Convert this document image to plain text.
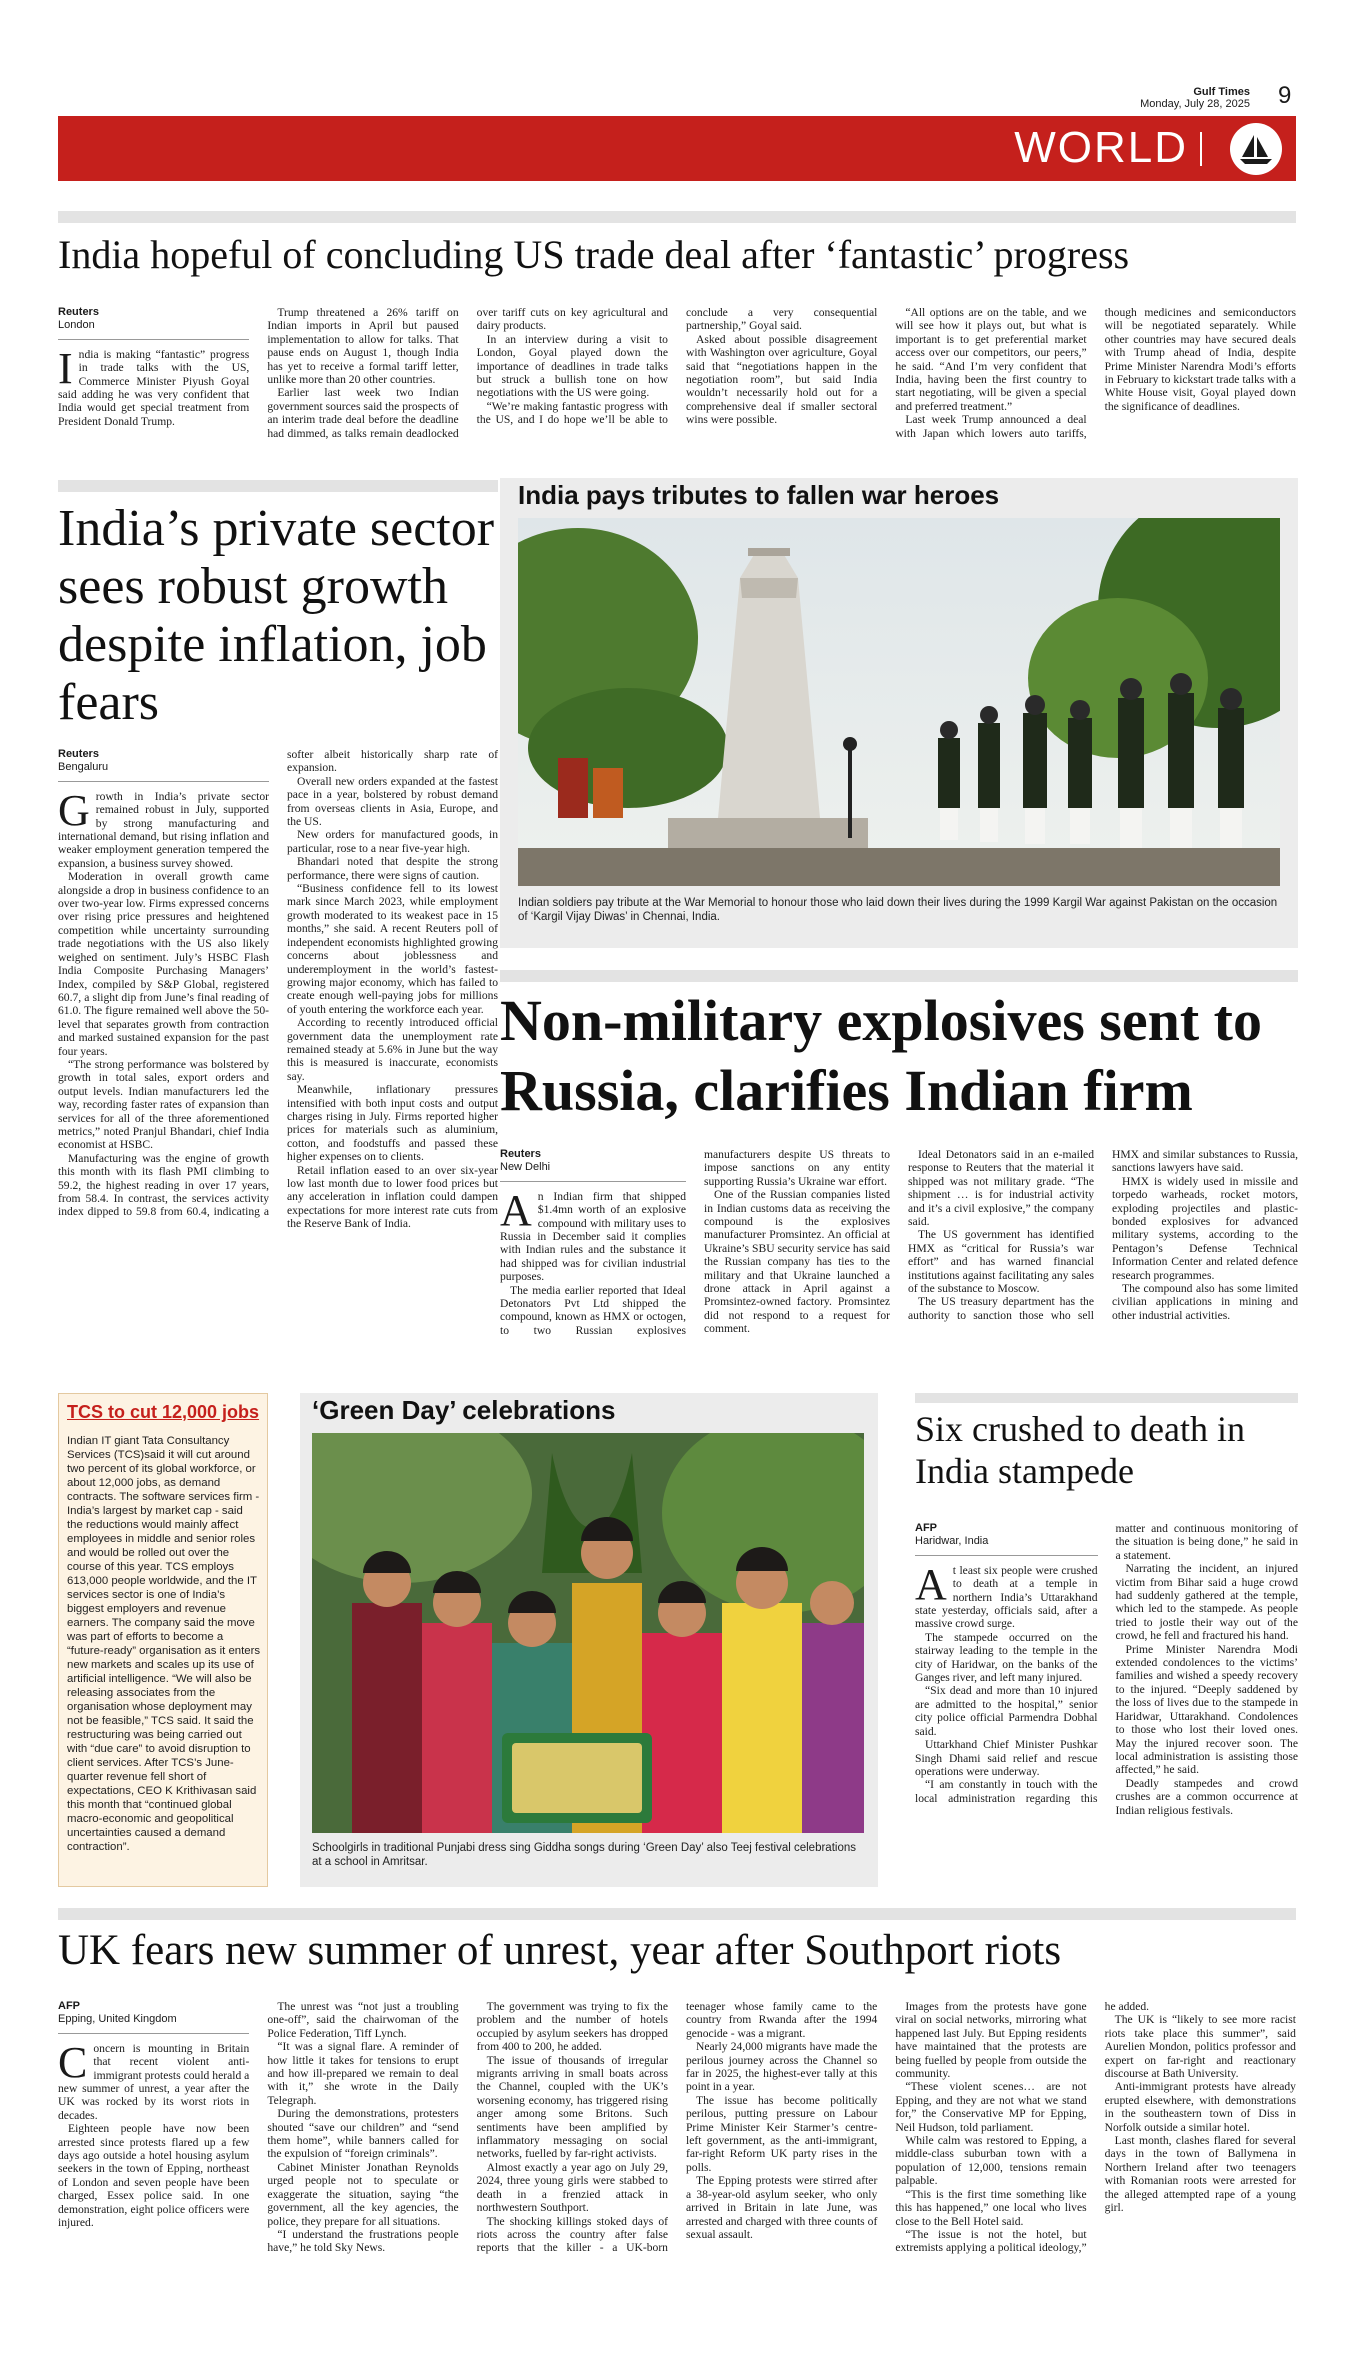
Gulf Times
Monday, July 28, 2025 9
WORLD
India hopeful of concluding US trade deal after ‘fantastic’ progress
Reuters
London

India is making “fantastic” progress in trade talks with the US, Commerce Minister Piyush Goyal said adding he was very confident that India would get special treatment from President Donald Trump.

Trump threatened a 26% tariff on Indian imports in April but paused implementation to allow for talks. That pause ends on August 1, though India has yet to receive a formal tariff letter, unlike more than 20 other countries.

Earlier last week two Indian government sources said the prospects of an interim trade deal before the deadline had dimmed, as talks remain deadlocked over tariff cuts on key agricultural and dairy products.

In an interview during a visit to London, Goyal played down the importance of deadlines in trade talks but struck a bullish tone on how negotiations with the US were going.

“We’re making fantastic progress with the US, and I do hope we’ll be able to conclude a very consequential partnership,” Goyal said.

Asked about possible disagreement with Washington over agriculture, Goyal said that “negotiations happen in the negotiation room”, but said India wouldn’t necessarily hold out for a comprehensive deal if smaller sectoral wins were possible.

“All options are on the table, and we will see how it plays out, but what is important is to get preferential market access over our competitors, our peers,” he said. “And I’m very confident that India, having been the first country to start negotiating, will be given a special and preferred treatment.”

Last week Trump announced a deal with Japan which lowers auto tariffs, though medicines and semiconductors will be negotiated separately. While other countries may have secured deals with Trump ahead of India, despite Prime Minister Narendra Modi’s efforts in February to kickstart trade talks with a White House visit, Goyal played down the significance of deadlines.

India’s private sector sees robust growth despite inflation, job fears
Reuters
Bengaluru

Growth in India’s private sector remained robust in July, supported by strong manufacturing and international demand, but rising inflation and weaker employment generation tempered the expansion, a business survey showed.

Moderation in overall growth came alongside a drop in business confidence to an over two-year low. Firms expressed concerns over rising price pressures and heightened competition while uncertainty surrounding trade negotiations with the US also likely weighed on sentiment. July’s HSBC Flash India Composite Purchasing Managers’ Index, compiled by S&P Global, registered 60.7, a slight dip from June’s final reading of 61.0. The figure remained well above the 50-level that separates growth from contraction and marked sustained expansion for the past four years.

“The strong performance was bolstered by growth in total sales, export orders and output levels. Indian manufacturers led the way, recording faster rates of expansion than services for all of the three aforementioned metrics,” noted Pranjul Bhandari, chief India economist at HSBC.

Manufacturing was the engine of growth this month with its flash PMI climbing to 59.2, the highest reading in over 17 years, from 58.4. In contrast, the services activity index dipped to 59.8 from 60.4, indicating a softer albeit historically sharp rate of expansion.

Overall new orders expanded at the fastest pace in a year, bolstered by robust demand from overseas clients in Asia, Europe, and the US.

New orders for manufactured goods, in particular, rose to a near five-year high.

Bhandari noted that despite the strong performance, there were signs of caution.

“Business confidence fell to its lowest mark since March 2023, while employment growth moderated to its weakest pace in 15 months,” she said. A recent Reuters poll of independent economists highlighted growing concerns about joblessness and underemployment in the world’s fastest-growing major economy, which has failed to create enough well-paying jobs for millions of youth entering the workforce each year.

According to recently introduced official government data the unemployment rate remained steady at 5.6% in June but the way this is measured is inaccurate, economists say.

Meanwhile, inflationary pressures intensified with both input costs and output charges rising in July. Firms reported higher prices for materials such as aluminium, cotton, and foodstuffs and passed these higher expenses on to clients.

Retail inflation eased to an over six-year low last month due to lower food prices but any acceleration in inflation could dampen expectations for more interest rate cuts from the Reserve Bank of India.

India pays tributes to fallen war heroes
Indian soldiers pay tribute at the War Memorial to honour those who laid down their lives during the 1999 Kargil War against Pakistan on the occasion of ‘Kargil Vijay Diwas’ in Chennai, India.
Non-military explosives sent to Russia, clarifies Indian firm
Reuters
New Delhi

An Indian firm that shipped $1.4mn worth of an explosive compound with military uses to Russia in December said it complies with Indian rules and the substance it had shipped was for civilian industrial purposes.

The media earlier reported that Ideal Detonators Pvt Ltd shipped the compound, known as HMX or octogen, to two Russian explosives manufacturers despite US threats to impose sanctions on any entity supporting Russia’s Ukraine war effort.

One of the Russian companies listed in Indian customs data as receiving the compound is the explosives manufacturer Promsintez. An official at Ukraine’s SBU security service has said the Russian company has ties to the military and that Ukraine launched a drone attack in April against a Promsintez-owned factory. Promsintez did not respond to a request for comment.

Ideal Detonators said in an e-mailed response to Reuters that the material it shipped was not military grade. “The shipment … is for industrial activity and it’s a civil explosive,” the company said.

The US government has identified HMX as “critical for Russia’s war effort” and has warned financial institutions against facilitating any sales of the substance to Moscow.

The US treasury department has the authority to sanction those who sell HMX and similar substances to Russia, sanctions lawyers have said.

HMX is widely used in missile and torpedo warheads, rocket motors, exploding projectiles and plastic-bonded explosives for advanced military systems, according to the Pentagon’s Defense Technical Information Center and related defence research programmes.

The compound also has some limited civilian applications in mining and other industrial activities.

TCS to cut 12,000 jobs
Indian IT giant Tata Consultancy Services (TCS)said it will cut around two percent of its global workforce, or about 12,000 jobs, as demand contracts. The software services firm - India’s largest by market cap - said the reductions would mainly affect employees in middle and senior roles and would be rolled out over the course of this year. TCS employs 613,000 people worldwide, and the IT services sector is one of India’s biggest employers and revenue earners. The company said the move was part of efforts to become a “future-ready” organisation as it enters new markets and scales up its use of artificial intelligence. “We will also be releasing associates from the organisation whose deployment may not be feasible,” TCS said. It said the restructuring was being carried out with “due care” to avoid disruption to client services. After TCS’s June-quarter revenue fell short of expectations, CEO K Krithivasan said this month that “continued global macro-economic and geopolitical uncertainties caused a demand contraction”.
‘Green Day’ celebrations
Schoolgirls in traditional Punjabi dress sing Giddha songs during ‘Green Day’ also Teej festival celebrations at a school in Amritsar.
Six crushed to death in India stampede
AFP
Haridwar, India

At least six people were crushed to death at a temple in northern India’s Uttarakhand state yesterday, officials said, after a massive crowd surge.

The stampede occurred on the stairway leading to the temple in the city of Haridwar, on the banks of the Ganges river, and left many injured.

“Six dead and more than 10 injured are admitted to the hospital,” senior city police official Parmendra Dobhal said.

Uttarkhand Chief Minister Pushkar Singh Dhami said relief and rescue operations were underway.

“I am constantly in touch with the local administration regarding this matter and continuous monitoring of the situation is being done,” he said in a statement.

Narrating the incident, an injured victim from Bihar said a huge crowd had suddenly gathered at the temple, which led to the stampede. As people tried to jostle their way out of the crowd, he fell and fractured his hand.

Prime Minister Narendra Modi extended condolences to the victims’ families and wished a speedy recovery to the injured. “Deeply saddened by the loss of lives due to the stampede in Haridwar, Uttarakhand. Condolences to those who lost their loved ones. May the injured recover soon. The local administration is assisting those affected,” he said.

Deadly stampedes and crowd crushes are a common occurrence at Indian religious festivals.

UK fears new summer of unrest, year after Southport riots
AFP
Epping, United Kingdom

Concern is mounting in Britain that recent violent anti-immigrant protests could herald a new summer of unrest, a year after the UK was rocked by its worst riots in decades.

Eighteen people have now been arrested since protests flared up a few days ago outside a hotel housing asylum seekers in the town of Epping, northeast of London and seven people have been charged, Essex police said. In one demonstration, eight police officers were injured.

The unrest was “not just a troubling one-off”, said the chairwoman of the Police Federation, Tiff Lynch.

“It was a signal flare. A reminder of how little it takes for tensions to erupt and how ill-prepared we remain to deal with it,” she wrote in the Daily Telegraph.

During the demonstrations, protesters shouted “save our children” and “send them home”, while banners called for the expulsion of “foreign criminals”.

Cabinet Minister Jonathan Reynolds urged people not to speculate or exaggerate the situation, saying “the government, all the key agencies, the police, they prepare for all situations.

“I understand the frustrations people have,” he told Sky News.

The government was trying to fix the problem and the number of hotels occupied by asylum seekers has dropped from 400 to 200, he added.

The issue of thousands of irregular migrants arriving in small boats across the Channel, coupled with the UK’s worsening economy, has triggered rising anger among some Britons. Such sentiments have been amplified by inflammatory messaging on social networks, fuelled by far-right activists.

Almost exactly a year ago on July 29, 2024, three young girls were stabbed to death in a frenzied attack in northwestern Southport.

The shocking killings stoked days of riots across the country after false reports that the killer - a UK-born teenager whose family came to the country from Rwanda after the 1994 genocide - was a migrant.

Nearly 24,000 migrants have made the perilous journey across the Channel so far in 2025, the highest-ever tally at this point in a year.

The issue has become politically perilous, putting pressure on Labour Prime Minister Keir Starmer’s centre-left government, as the anti-immigrant, far-right Reform UK party rises in the polls.

The Epping protests were stirred after a 38-year-old asylum seeker, who only arrived in Britain in late June, was arrested and charged with three counts of sexual assault.

Images from the protests have gone viral on social networks, mirroring what happened last July. But Epping residents have maintained that the protests are being fuelled by people from outside the community.

“These violent scenes… are not Epping, and they are not what we stand for,” the Conservative MP for Epping, Neil Hudson, told parliament.

While calm was restored to Epping, a middle-class suburban town with a population of 12,000, tensions remain palpable.

“This is the first time something like this has happened,” one local who lives close to the Bell Hotel said.

“The issue is not the hotel, but extremists applying a political ideology,” he added.

The UK is “likely to see more racist riots take place this summer”, said Aurelien Mondon, politics professor and expert on far-right and reactionary discourse at Bath University.

Anti-immigrant protests have already erupted elsewhere, with demonstrations in the southeastern town of Diss in Norfolk outside a similar hotel.

Last month, clashes flared for several days in the town of Ballymena in Northern Ireland after two teenagers with Romanian roots were arrested for the alleged attempted rape of a young girl.
